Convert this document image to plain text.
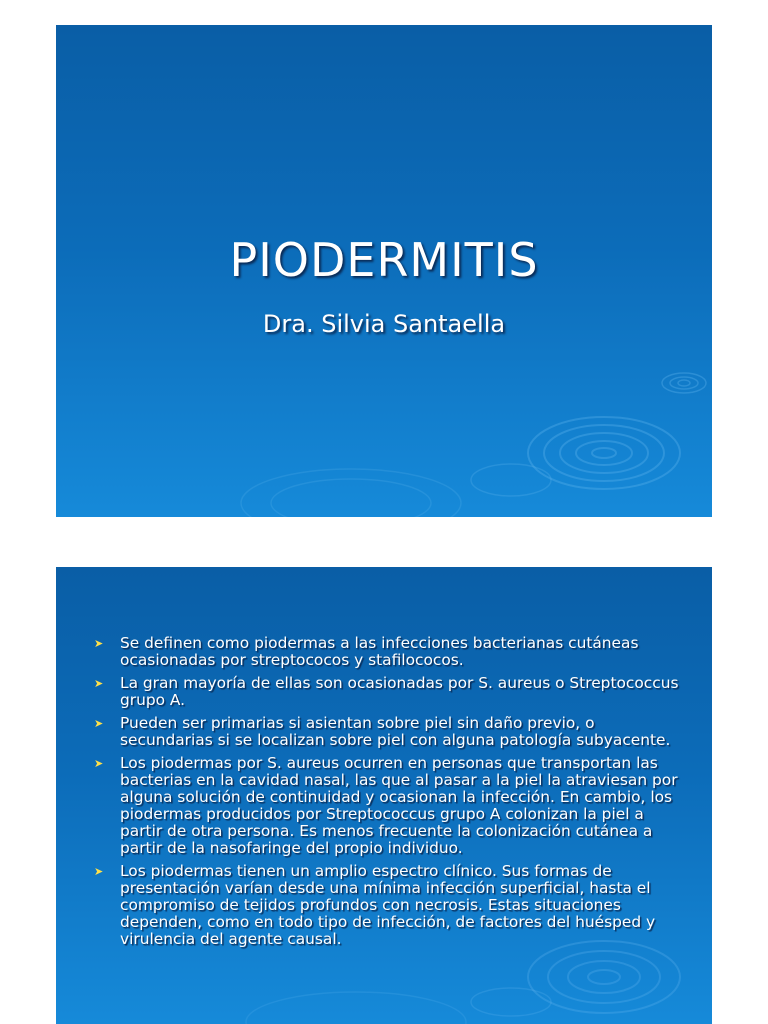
PIODERMITIS
Dra. Silvia Santaella
➤ Se definen como piodermas a las infecciones bacterianas cutáneas ocasionadas por streptococos y stafilococos.
➤ La gran mayoría de ellas son ocasionadas por S. aureus o Streptococcus grupo A.
➤ Pueden ser primarias si asientan sobre piel sin daño previo, o secundarias si se localizan sobre piel con alguna patología subyacente.
➤ Los piodermas por S. aureus ocurren en personas que transportan las bacterias en la cavidad nasal, las que al pasar a la piel la atraviesan por alguna solución de continuidad y ocasionan la infección. En cambio, los piodermas producidos por Streptococcus grupo A colonizan la piel a partir de otra persona. Es menos frecuente la colonización cutánea a partir de la nasofaringe del propio individuo.
➤ Los piodermas tienen un amplio espectro clínico. Sus formas de presentación varían desde una mínima infección superficial, hasta el compromiso de tejidos profundos con necrosis. Estas situaciones dependen, como en todo tipo de infección, de factores del huésped y virulencia del agente causal.
